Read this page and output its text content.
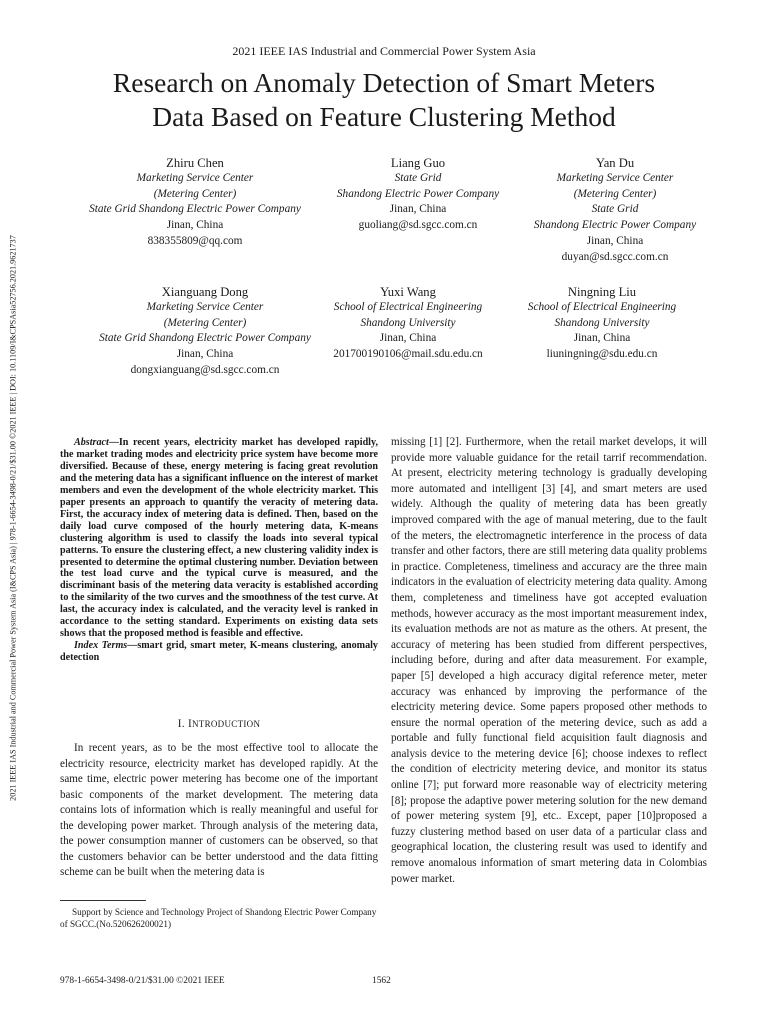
2021 IEEE IAS Industrial and Commercial Power System Asia
Research on Anomaly Detection of Smart Meters
Data Based on Feature Clustering Method
2021 IEEE IAS Industrial and Commercial Power System Asia (I&CPS Asia) | 978-1-6654-3498-0/21/$31.00 ©2021 IEEE | DOI: 10.1109/I&CPSAsia52756.2021.9621737
Zhiru Chen
Marketing Service Center
(Metering Center)
State Grid Shandong Electric Power Company
Jinan, China
838355809@qq.com
Liang Guo
State Grid
Shandong Electric Power Company
Jinan, China
guoliang@sd.sgcc.com.cn
Yan Du
Marketing Service Center
(Metering Center)
State Grid
Shandong Electric Power Company
Jinan, China
duyan@sd.sgcc.com.cn
Xianguang Dong
Marketing Service Center
(Metering Center)
State Grid Shandong Electric Power Company
Jinan, China
dongxianguang@sd.sgcc.com.cn
Yuxi Wang
School of Electrical Engineering
Shandong University
Jinan, China
201700190106@mail.sdu.edu.cn
Ningning Liu
School of Electrical Engineering
Shandong University
Jinan, China
liuningning@sdu.edu.cn

Abstract—In recent years, electricity market has developed rapidly, the market trading modes and electricity price system have become more diversified. Because of these, energy metering is facing great revolution and the metering data has a significant influence on the interest of market members and even the development of the whole electricity market. This paper presents an approach to quantify the veracity of metering data. First, the accuracy index of metering data is defined. Then, based on the daily load curve composed of the hourly metering data, K-means clustering algorithm is used to classify the loads into several typical patterns. To ensure the clustering effect, a new clustering validity index is presented to determine the optimal clustering number. Deviation between the test load curve and the typical curve is measured, and the discriminant basis of the metering data veracity is established according to the similarity of the two curves and the smoothness of the test curve. At last, the accuracy index is calculated, and the veracity level is ranked in accordance to the setting standard. Experiments on existing data sets shows that the proposed method is feasible and effective.

Index Terms—smart grid, smart meter, K-means clustering, anomaly detection

I. INTRODUCTION

In recent years, as to be the most effective tool to allocate the electricity resource, electricity market has developed rapidly. At the same time, electric power metering has become one of the important basic components of the market development. The metering data contains lots of information which is really meaningful and useful for the developing power market. Through analysis of the metering data, the power consumption manner of customers can be observed, so that the customers behavior can be better understood and the data fitting scheme can be built when the metering data is

missing [1] [2]. Furthermore, when the retail market develops, it will provide more valuable guidance for the retail tarrif recommendation. At present, electricity metering technology is gradually developing more automated and intelligent [3] [4], and smart meters are used widely. Although the quality of metering data has been greatly improved compared with the age of manual metering, due to the fault of the meters, the electromagnetic interference in the process of data transfer and other factors, there are still metering data quality problems in practice. Completeness, timeliness and accuracy are the three main indicators in the evaluation of electricity metering data quality. Among them, completeness and timeliness have got accepted evaluation methods, however accuracy as the most important measurement index, its evaluation methods are not as mature as the others. At present, the accuracy of metering has been studied from different perspectives, including before, during and after data measurement. For example, paper [5] developed a high accuracy digital reference meter, meter accuracy was enhanced by improving the performance of the electricity metering device. Some papers proposed other methods to ensure the normal operation of the metering device, such as add a portable and fully functional field acquisition fault diagnosis and analysis device to the metering device [6]; choose indexes to reflect the condition of electricity metering device, and monitor its status online [7]; put forward more reasonable way of electricity metering [8]; propose the adaptive power metering solution for the new demand of power metering system [9], etc.. Except, paper [10]proposed a fuzzy clustering method based on user data of a particular class and geographical location, the clustering result was used to identify and remove anomalous information of smart metering data in Colombias power market.

Support by Science and Technology Project of Shandong Electric Power Company of SGCC.(No.520626200021)
978-1-6654-3498-0/21/$31.00 ©2021 IEEE	1562
